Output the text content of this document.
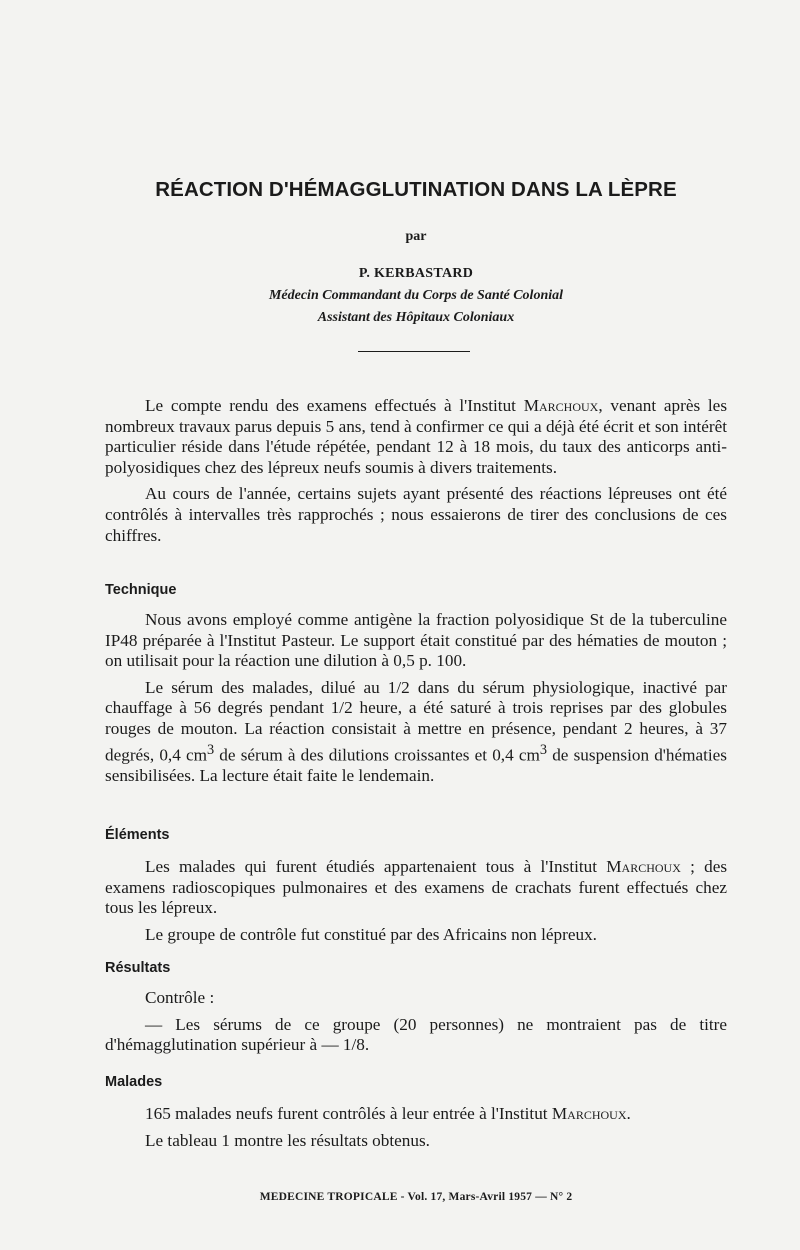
RÉACTION D'HÉMAGGLUTINATION DANS LA LÈPRE
par
P. KERBASTARD
Médecin Commandant du Corps de Santé Colonial
Assistant des Hôpitaux Coloniaux

Le compte rendu des examens effectués à l'Institut Marchoux, venant après les nombreux travaux parus depuis 5 ans, tend à confirmer ce qui a déjà été écrit et son intérêt particulier réside dans l'étude répétée, pendant 12 à 18 mois, du taux des anticorps anti-polyosidiques chez des lépreux neufs soumis à divers traitements.

Au cours de l'année, certains sujets ayant présenté des réactions lépreuses ont été contrôlés à intervalles très rapprochés ; nous essaierons de tirer des conclusions de ces chiffres.

Technique

Nous avons employé comme antigène la fraction polyosidique St de la tuberculine IP48 préparée à l'Institut Pasteur. Le support était constitué par des hématies de mouton ; on utilisait pour la réaction une dilution à 0,5 p. 100.

Le sérum des malades, dilué au 1/2 dans du sérum physiologique, inactivé par chauffage à 56 degrés pendant 1/2 heure, a été saturé à trois reprises par des globules rouges de mouton. La réaction consistait à mettre en présence, pendant 2 heures, à 37 degrés, 0,4 $cm^3$ de sérum à des dilutions croissantes et 0,4 $cm^3$ de suspension d'hématies sensibilisées. La lecture était faite le lendemain.

Éléments

Les malades qui furent étudiés appartenaient tous à l'Institut Marchoux ; des examens radioscopiques pulmonaires et des examens de crachats furent effectués chez tous les lépreux.

Le groupe de contrôle fut constitué par des Africains non lépreux.

Résultats

Contrôle :

— Les sérums de ce groupe (20 personnes) ne montraient pas de titre d'hémagglutination supérieur à — 1/8.

Malades

165 malades neufs furent contrôlés à leur entrée à l'Institut Marchoux.

Le tableau 1 montre les résultats obtenus.

MEDECINE TROPICALE - Vol. 17, Mars-Avril 1957 — N° 2
